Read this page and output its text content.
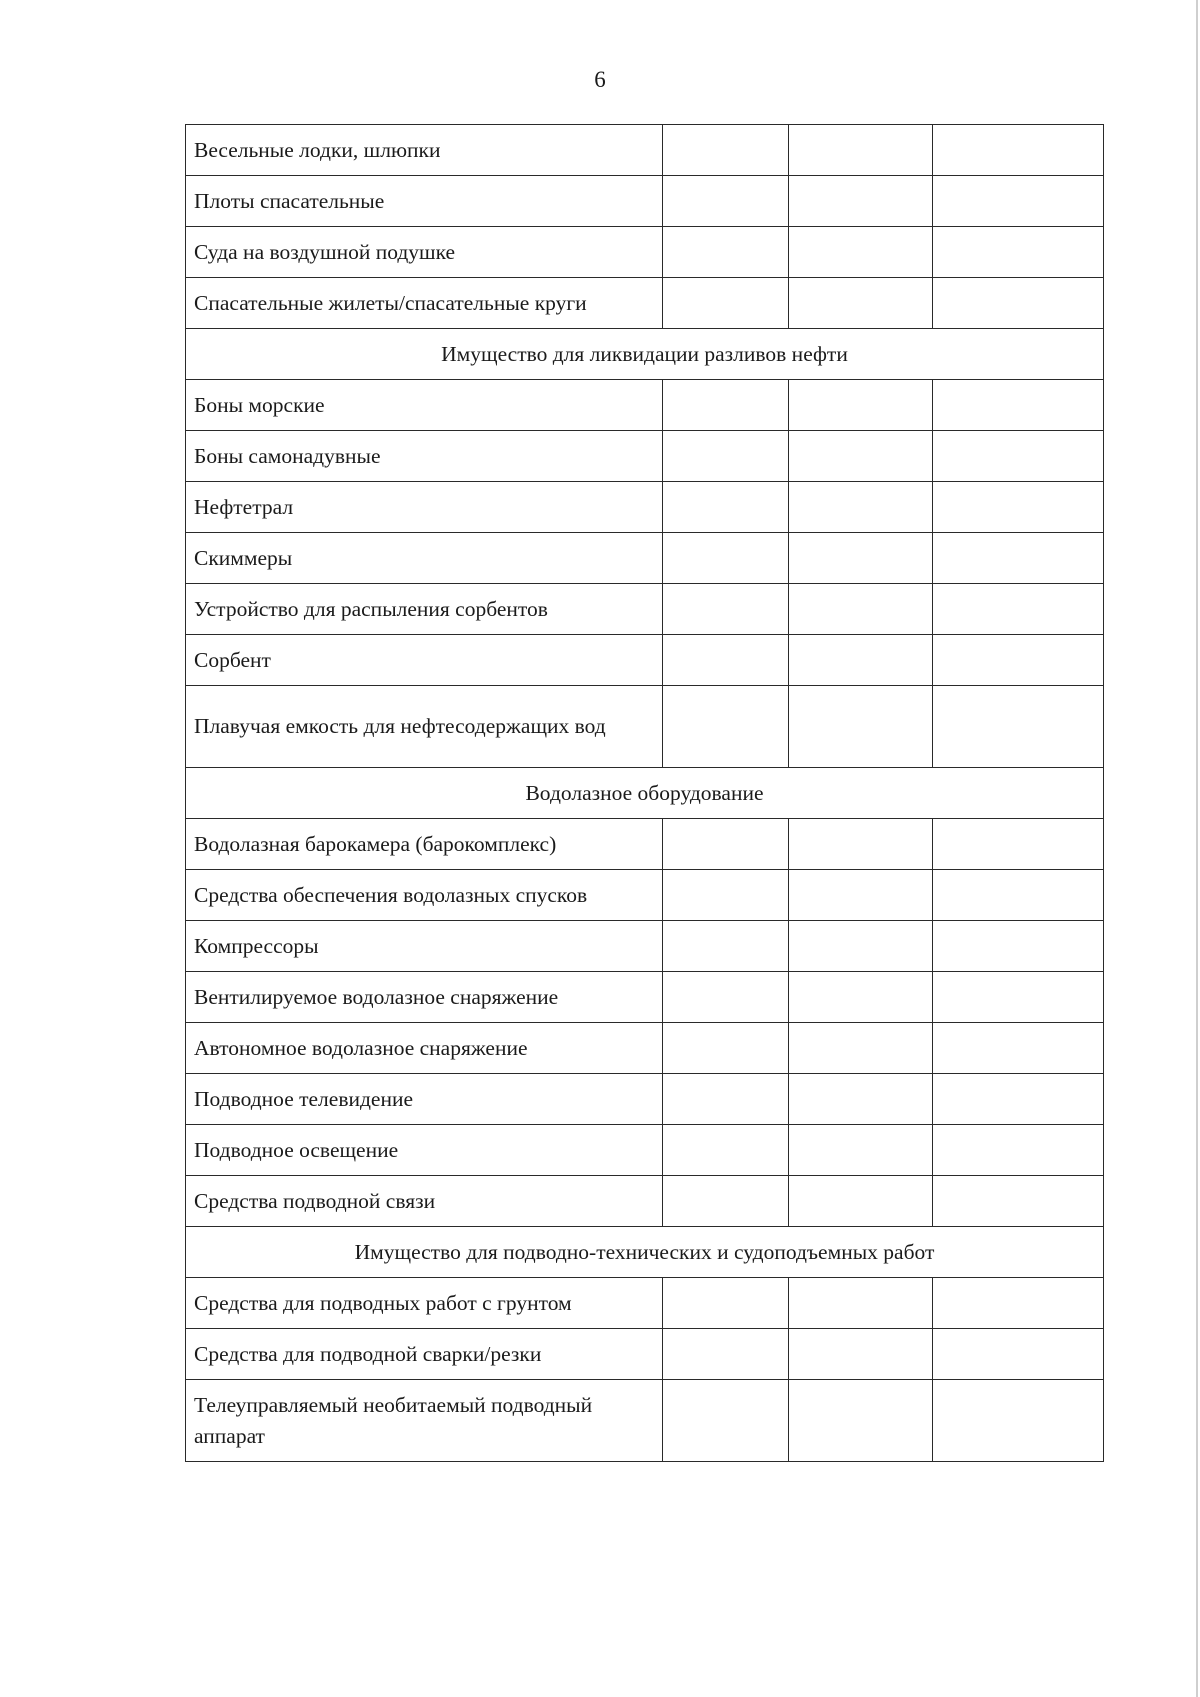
6
Весельные лодки, шлюпки			
Плоты спасательные			
Суда на воздушной подушке			
Спасательные жилеты/спасательные круги			
Имущество для ликвидации разливов нефти			
Боны морские			
Боны самонадувные			
Нефтетрал			
Скиммеры			
Устройство для распыления сорбентов			
Сорбент			
Плавучая емкость для нефтесодержащих вод			
Водолазное оборудование			
Водолазная барокамера (барокомплекс)			
Средства обеспечения водолазных спусков			
Компрессоры			
Вентилируемое водолазное снаряжение			
Автономное водолазное снаряжение			
Подводное телевидение			
Подводное освещение			
Средства подводной связи			
Имущество для подводно-технических и судоподъемных работ			
Средства для подводных работ с грунтом			
Средства для подводной сварки/резки			
Телеуправляемый необитаемый подводный аппарат			
